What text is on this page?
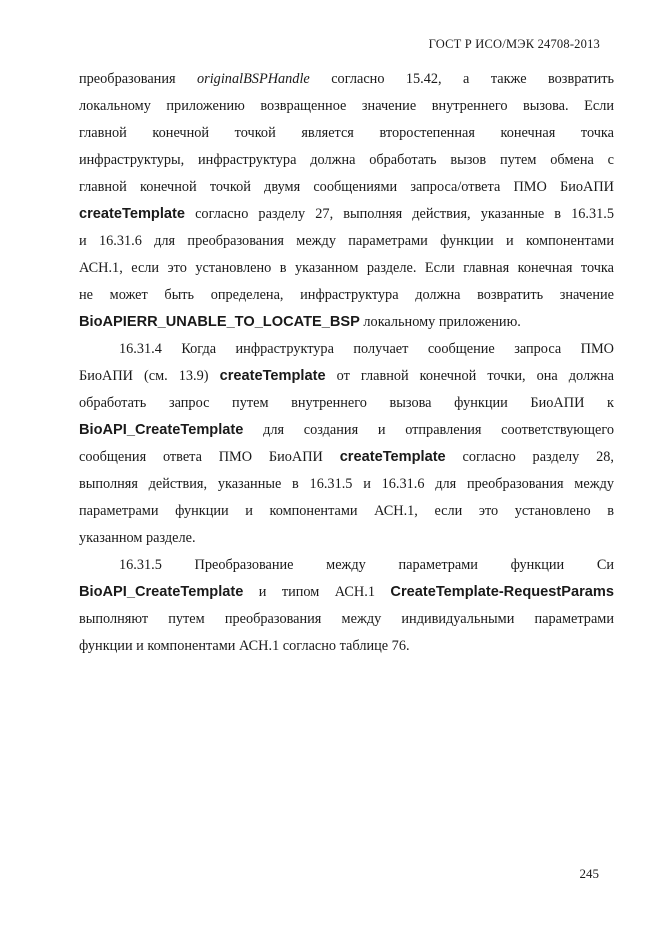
ГОСТ Р ИСО/МЭК 24708-2013
преобразования originalBSPHandle согласно 15.42, а также возвратить
локальному приложению возвращенное значение внутреннего вызова. Если
главной конечной точкой является второстепенная конечная точка
инфраструктуры, инфраструктура должна обработать вызов путем обмена с
главной конечной точкой двумя сообщениями запроса/ответа ПМО БиоАПИ
createTemplate согласно разделу 27, выполняя действия, указанные в 16.31.5
и 16.31.6 для преобразования между параметрами функции и компонентами
АСН.1, если это установлено в указанном разделе. Если главная конечная точка
не может быть определена, инфраструктура должна возвратить значение
BioAPIERR_UNABLE_TO_LOCATE_BSP локальному приложению.
16.31.4 Когда инфраструктура получает сообщение запроса ПМО
БиоАПИ (см. 13.9) createTemplate от главной конечной точки, она должна
обработать запрос путем внутреннего вызова функции БиоАПИ к
BioAPI_CreateTemplate для создания и отправления соответствующего
сообщения ответа ПМО БиоАПИ createTemplate согласно разделу 28,
выполняя действия, указанные в 16.31.5 и 16.31.6 для преобразования между
параметрами функции и компонентами АСН.1, если это установлено в
указанном разделе.
16.31.5 Преобразование между параметрами функции Си
BioAPI_CreateTemplate и типом АСН.1 CreateTemplate-RequestParams
выполняют путем преобразования между индивидуальными параметрами
функции и компонентами АСН.1 согласно таблице 76.
245
